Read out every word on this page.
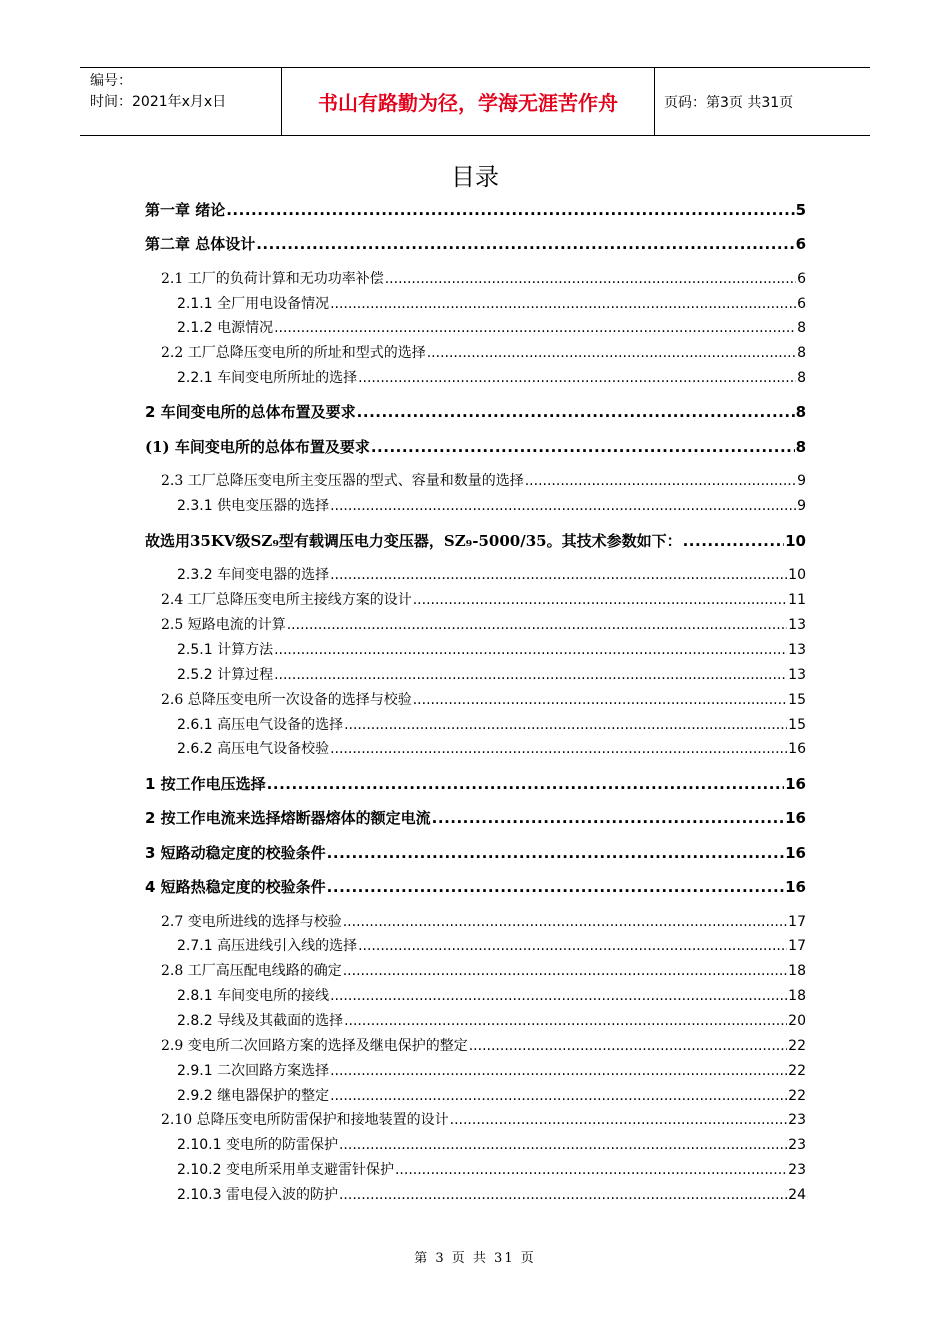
编号：
时间：2021年x月x日	书山有路勤为径，学海无涯苦作舟	页码：第3页 共31页
目录
第一章 绪论 .....	5
第二章 总体设计 .....	6
2.1 工厂的负荷计算和无功功率补偿 .....	6
2.1.1 全厂用电设备情况 .....	6
2.1.2 电源情况 .....	8
2.2 工厂总降压变电所的所址和型式的选择 .....	8
2.2.1 车间变电所所址的选择 .....	8
2 车间变电所的总体布置及要求 .....	8
(1) 车间变电所的总体布置及要求 .....	8
2.3 工厂总降压变电所主变压器的型式、容量和数量的选择 .....	9
2.3.1 供电变压器的选择 .....	9
故选用35KV级SZ₉型有载调压电力变压器，SZ₉-5000/35。其技术参数如下： .....	10
2.3.2 车间变电器的选择 .....	10
2.4 工厂总降压变电所主接线方案的设计 .....	11
2.5 短路电流的计算 .....	13
2.5.1 计算方法 .....	13
2.5.2 计算过程 .....	13
2.6 总降压变电所一次设备的选择与校验 .....	15
2.6.1 高压电气设备的选择 .....	15
2.6.2 高压电气设备校验 .....	16
1 按工作电压选择 .....	16
2 按工作电流来选择熔断器熔体的额定电流 .....	16
3 短路动稳定度的校验条件 .....	16
4 短路热稳定度的校验条件 .....	16
2.7 变电所进线的选择与校验 .....	17
2.7.1 高压进线引入线的选择 .....	17
2.8 工厂高压配电线路的确定 .....	18
2.8.1 车间变电所的接线 .....	18
2.8.2 导线及其截面的选择 .....	20
2.9 变电所二次回路方案的选择及继电保护的整定 .....	22
2.9.1 二次回路方案选择 .....	22
2.9.2 继电器保护的整定 .....	22
2.10 总降压变电所防雷保护和接地装置的设计 .....	23
2.10.1 变电所的防雷保护 .....	23
2.10.2 变电所采用单支避雷针保护 .....	23
2.10.3 雷电侵入波的防护 .....	24
第 3 页 共 31 页
